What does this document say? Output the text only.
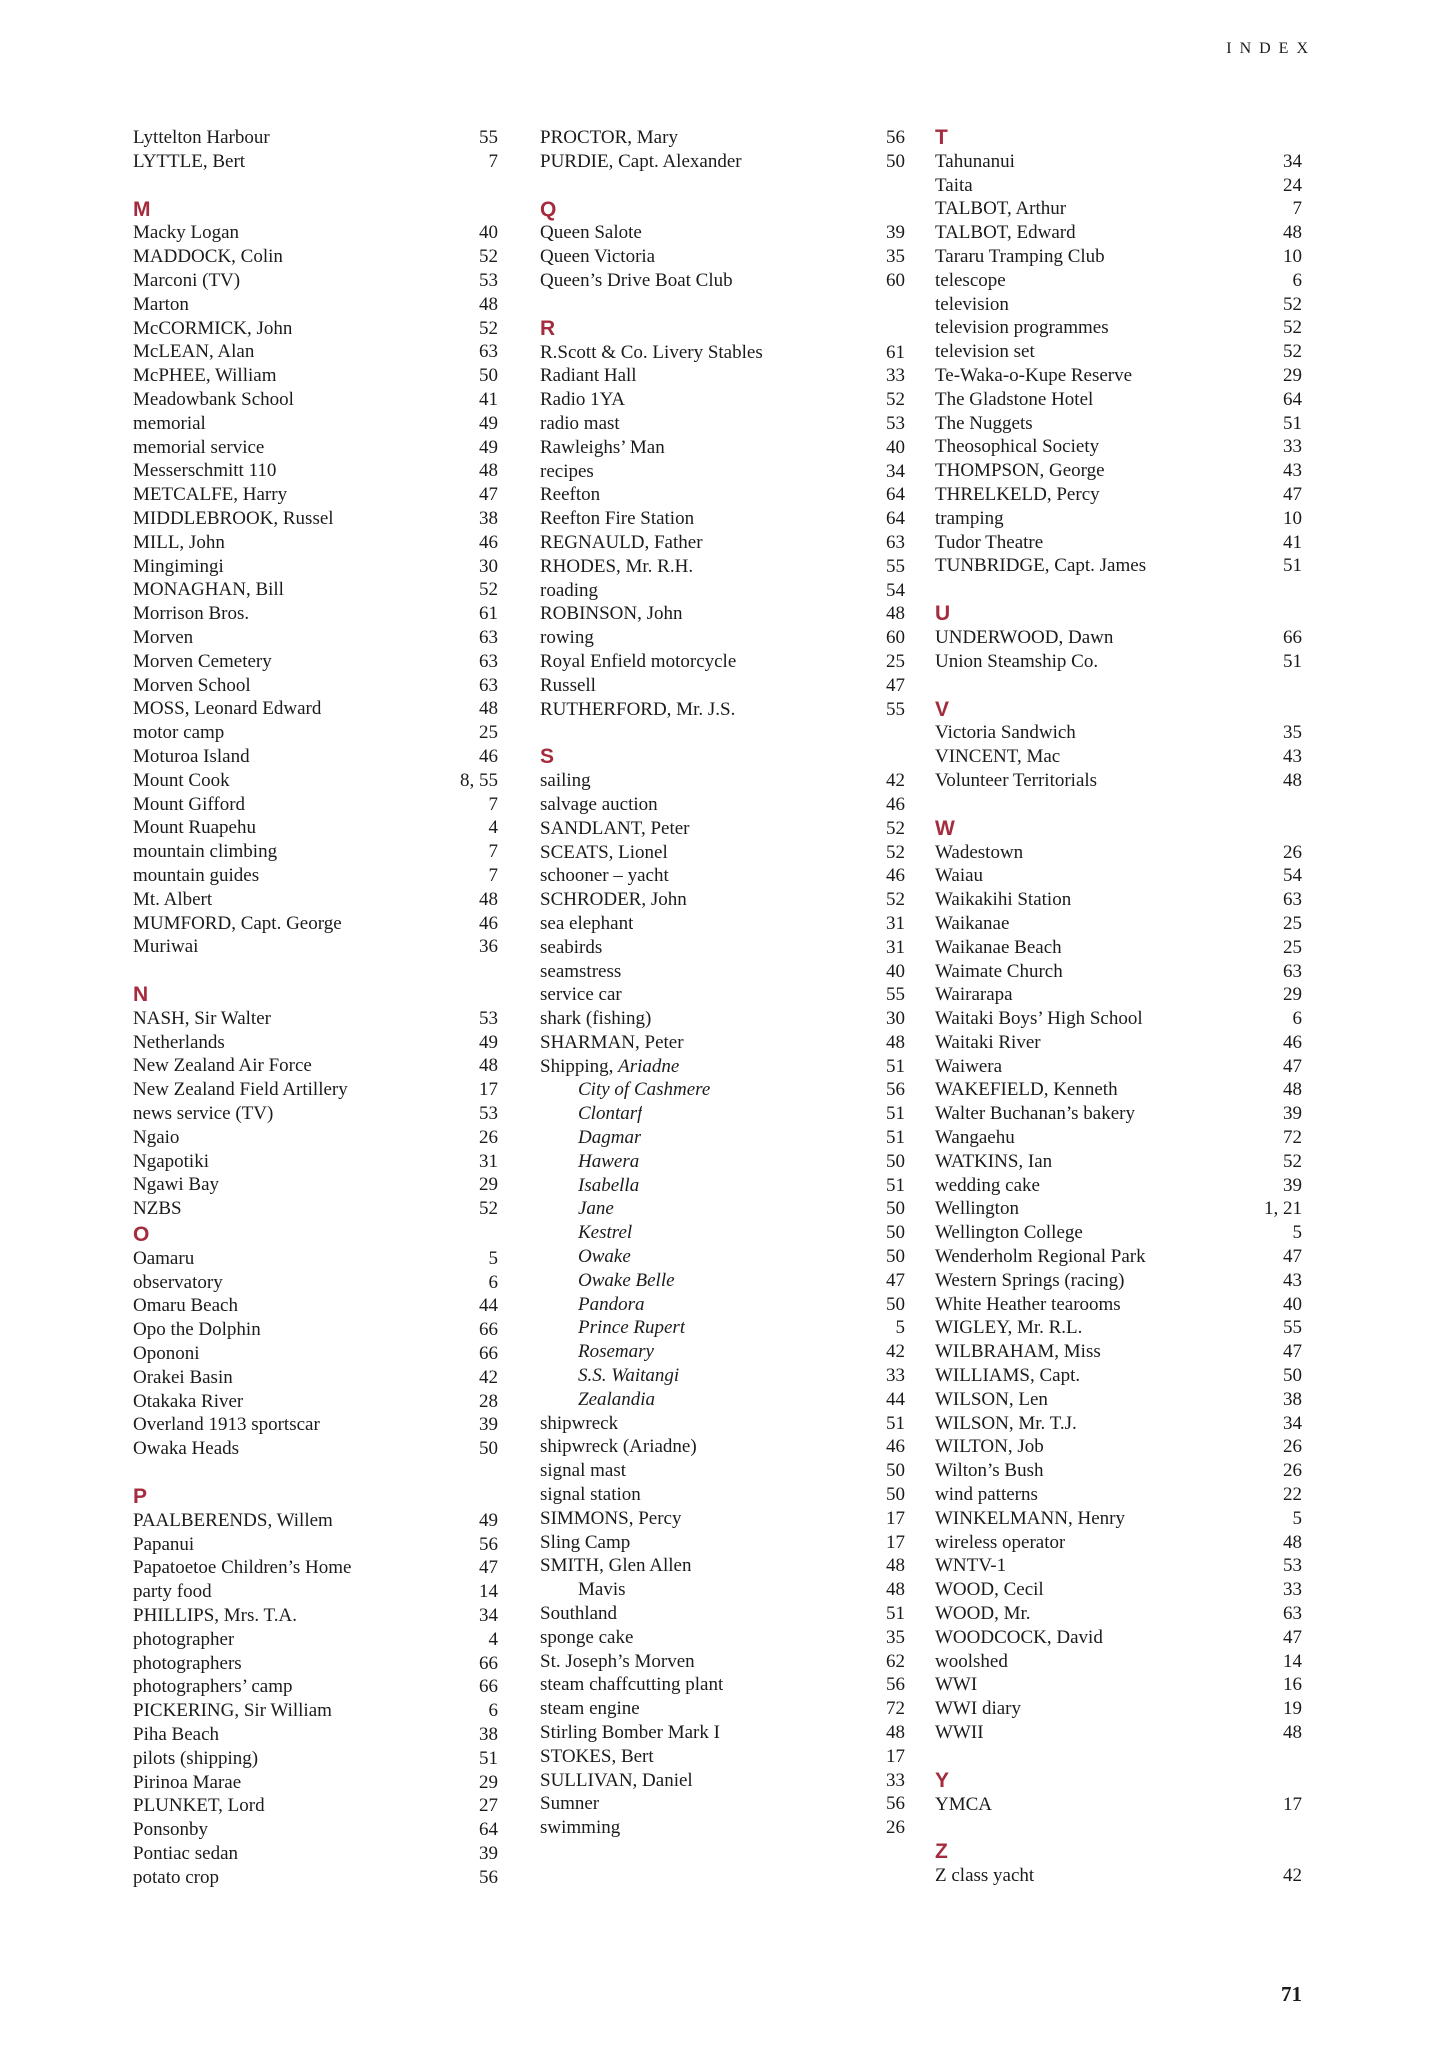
INDEX
Lyttelton Harbour	55
LYTTLE, Bert	7
M
Macky Logan	40
MADDOCK, Colin	52
Marconi (TV)	53
Marton	48
McCORMICK, John	52
McLEAN, Alan	63
McPHEE, William	50
Meadowbank School	41
memorial	49
memorial service	49
Messerschmitt 110	48
METCALFE, Harry	47
MIDDLEBROOK, Russel	38
MILL, John	46
Mingimingi	30
MONAGHAN, Bill	52
Morrison Bros.	61
Morven	63
Morven Cemetery	63
Morven School	63
MOSS, Leonard Edward	48
motor camp	25
Moturoa Island	46
Mount Cook	8, 55
Mount Gifford	7
Mount Ruapehu	4
mountain climbing	7
mountain guides	7
Mt. Albert	48
MUMFORD, Capt. George	46
Muriwai	36
N
NASH, Sir Walter	53
Netherlands	49
New Zealand Air Force	48
New Zealand Field Artillery	17
news service (TV)	53
Ngaio	26
Ngapotiki	31
Ngawi Bay	29
NZBS	52
O
Oamaru	5
observatory	6
Omaru Beach	44
Opo the Dolphin	66
Opononi	66
Orakei Basin	42
Otakaka River	28
Overland 1913 sportscar	39
Owaka Heads	50
P
PAALBERENDS, Willem	49
Papanui	56
Papatoetoe Children’s Home	47
party food	14
PHILLIPS, Mrs. T.A.	34
photographer	4
photographers	66
photographers’ camp	66
PICKERING, Sir William	6
Piha Beach	38
pilots (shipping)	51
Pirinoa Marae	29
PLUNKET, Lord	27
Ponsonby	64
Pontiac sedan	39
potato crop	56
PROCTOR, Mary	56
PURDIE, Capt. Alexander	50
Q
Queen Salote	39
Queen Victoria	35
Queen’s Drive Boat Club	60
R
R.Scott & Co. Livery Stables	61
Radiant Hall	33
Radio 1YA	52
radio mast	53
Rawleighs’ Man	40
recipes	34
Reefton	64
Reefton Fire Station	64
REGNAULD, Father	63
RHODES, Mr. R.H.	55
roading	54
ROBINSON, John	48
rowing	60
Royal Enfield motorcycle	25
Russell	47
RUTHERFORD, Mr. J.S.	55
S
sailing	42
salvage auction	46
SANDLANT, Peter	52
SCEATS, Lionel	52
schooner – yacht	46
SCHRODER, John	52
sea elephant	31
seabirds	31
seamstress	40
service car	55
shark (fishing)	30
SHARMAN, Peter	48
Shipping, Ariadne	51
City of Cashmere	56
Clontarf	51
Dagmar	51
Hawera	50
Isabella	51
Jane	50
Kestrel	50
Owake	50
Owake Belle	47
Pandora	50
Prince Rupert	5
Rosemary	42
S.S. Waitangi	33
Zealandia	44
shipwreck	51
shipwreck (Ariadne)	46
signal mast	50
signal station	50
SIMMONS, Percy	17
Sling Camp	17
SMITH, Glen Allen	48
Mavis	48
Southland	51
sponge cake	35
St. Joseph’s Morven	62
steam chaffcutting plant	56
steam engine	72
Stirling Bomber Mark I	48
STOKES, Bert	17
SULLIVAN, Daniel	33
Sumner	56
swimming	26
T
Tahunanui	34
Taita	24
TALBOT, Arthur	7
TALBOT, Edward	48
Tararu Tramping Club	10
telescope	6
television	52
television programmes	52
television set	52
Te-Waka-o-Kupe Reserve	29
The Gladstone Hotel	64
The Nuggets	51
Theosophical Society	33
THOMPSON, George	43
THRELKELD, Percy	47
tramping	10
Tudor Theatre	41
TUNBRIDGE, Capt. James	51
U
UNDERWOOD, Dawn	66
Union Steamship Co.	51
V
Victoria Sandwich	35
VINCENT, Mac	43
Volunteer Territorials	48
W
Wadestown	26
Waiau	54
Waikakihi Station	63
Waikanae	25
Waikanae Beach	25
Waimate Church	63
Wairarapa	29
Waitaki Boys’ High School	6
Waitaki River	46
Waiwera	47
WAKEFIELD, Kenneth	48
Walter Buchanan’s bakery	39
Wangaehu	72
WATKINS, Ian	52
wedding cake	39
Wellington	1, 21
Wellington College	5
Wenderholm Regional Park	47
Western Springs (racing)	43
White Heather tearooms	40
WIGLEY, Mr. R.L.	55
WILBRAHAM, Miss	47
WILLIAMS, Capt.	50
WILSON, Len	38
WILSON, Mr. T.J.	34
WILTON, Job	26
Wilton’s Bush	26
wind patterns	22
WINKELMANN, Henry	5
wireless operator	48
WNTV-1	53
WOOD, Cecil	33
WOOD, Mr.	63
WOODCOCK, David	47
woolshed	14
WWI	16
WWI diary	19
WWII	48
Y
YMCA	17
Z
Z class yacht	42
71
